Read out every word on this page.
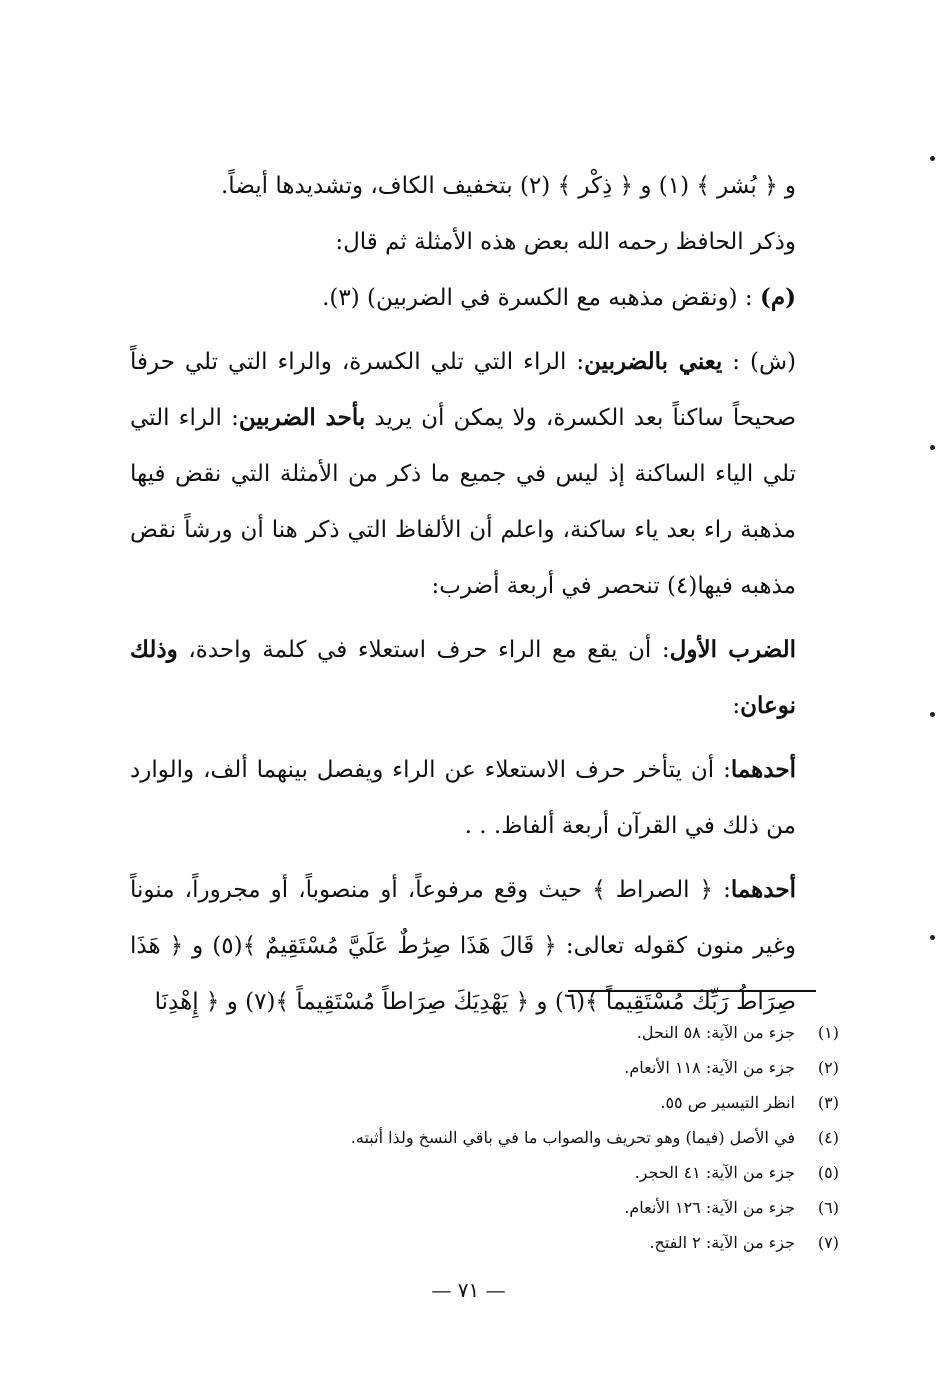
و ﴿ بُشر ﴾ (١) و ﴿ ذِكْر ﴾ (٢) بتخفيف الكاف، وتشديدها أيضاً.

وذكر الحافظ رحمه الله بعض هذه الأمثلة ثم قال:

(م) : (ونقض مذهبه مع الكسرة في الضربين) (٣).

(ش) : يعني بالضربين: الراء التي تلي الكسرة، والراء التي تلي حرفاً صحيحاً ساكناً بعد الكسرة، ولا يمكن أن يريد بأحد الضربين: الراء التي تلي الياء الساكنة إذ ليس في جميع ما ذكر من الأمثلة التي نقض فيها مذهبة راء بعد ياء ساكنة، واعلم أن الألفاظ التي ذكر هنا أن ورشاً نقض مذهبه فيها(٤) تنحصر في أربعة أضرب:

الضرب الأول: أن يقع مع الراء حرف استعلاء في كلمة واحدة، وذلك نوعان:

أحدهما: أن يتأخر حرف الاستعلاء عن الراء ويفصل بينهما ألف، والوارد من ذلك في القرآن أربعة ألفاظ. . .

أحدهما: ﴿ الصراط ﴾ حيث وقع مرفوعاً، أو منصوباً، أو مجروراً، منوناً وغير منون كقوله تعالى: ﴿ قَالَ هَذَا صِرَٰطٌ عَلَيَّ مُسْتَقِيمٌ ﴾(٥) و ﴿ هَذَا صِرَاطُ رَبِّكَ مُسْتَقِيماً ﴾(٦) و ﴿ يَهْدِيَكَ صِرَاطاً مُسْتَقِيماً ﴾(٧) و ﴿ إِهْدِنَا

(١)جزء من الآية: ٥٨ النحل.
(٢)جزء من الآية: ١١٨ الأنعام.
(٣)انظر التيسير ص ٥٥.
(٤)في الأصل (فيما) وهو تحريف والصواب ما في باقي النسخ ولذا أثبته.
(٥)جزء من الآية: ٤١ الحجر.
(٦)جزء من الآية: ١٢٦ الأنعام.
(٧)جزء من الآية: ٢ الفتح.
— ٧١ —
